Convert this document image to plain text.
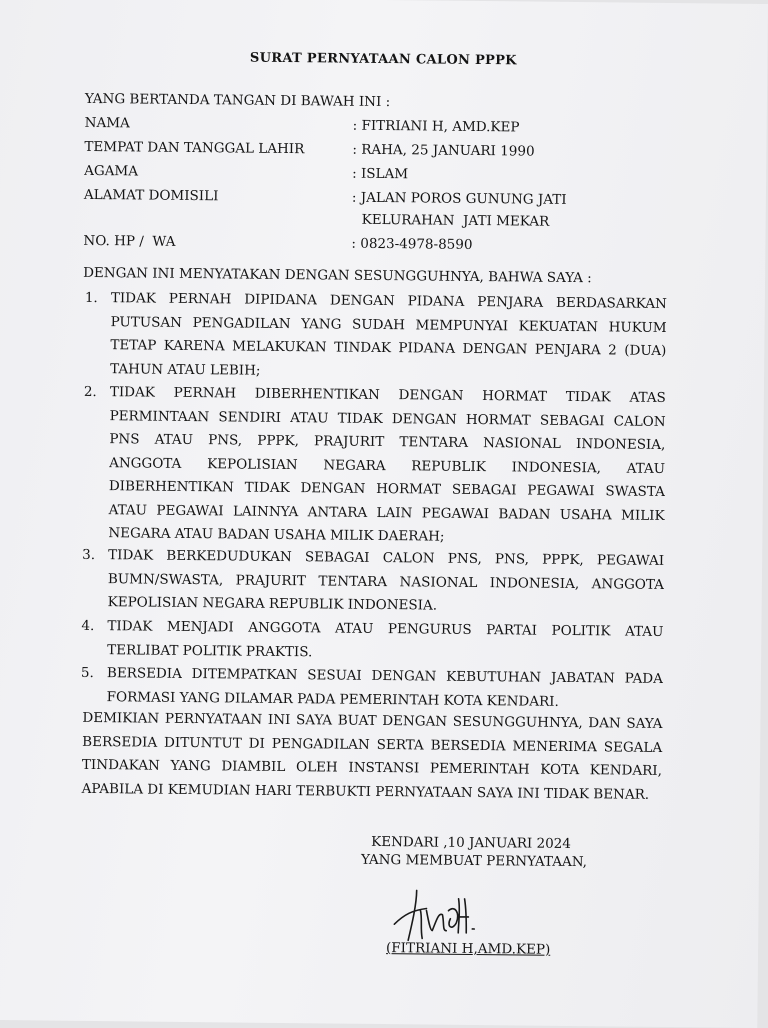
SURAT PERNYATAAN CALON PPPK
YANG BERTANDA TANGAN DI BAWAH INI :
NAMA	: FITRIANI H, AMD.KEP
TEMPAT DAN TANGGAL LAHIR	: RAHA, 25 JANUARI 1990
AGAMA	: ISLAM
ALAMAT DOMISILI	: JALAN POROS GUNUNG JATI
KELURAHAN  JATI MEKAR
NO. HP /  WA	: 0823-4978-8590
DENGAN INI MENYATAKAN DENGAN SESUNGGUHNYA, BAHWA SAYA :
1. TIDAK PERNAH DIPIDANA DENGAN PIDANA PENJARA BERDASARKAN PUTUSAN PENGADILAN YANG SUDAH MEMPUNYAI KEKUATAN HUKUM TETAP KARENA MELAKUKAN TINDAK PIDANA DENGAN PENJARA 2 (DUA) TAHUN ATAU LEBIH;
2. TIDAK PERNAH DIBERHENTIKAN DENGAN HORMAT TIDAK ATAS PERMINTAAN SENDIRI ATAU TIDAK DENGAN HORMAT SEBAGAI CALON PNS ATAU PNS, PPPK, PRAJURIT TENTARA NASIONAL INDONESIA, ANGGOTA KEPOLISIAN NEGARA REPUBLIK INDONESIA, ATAU DIBERHENTIKAN TIDAK DENGAN HORMAT SEBAGAI PEGAWAI SWASTA ATAU PEGAWAI LAINNYA ANTARA LAIN PEGAWAI BADAN USAHA MILIK NEGARA ATAU BADAN USAHA MILIK DAERAH;
3. TIDAK BERKEDUDUKAN SEBAGAI CALON PNS, PNS, PPPK, PEGAWAI BUMN/SWASTA, PRAJURIT TENTARA NASIONAL INDONESIA, ANGGOTA KEPOLISIAN NEGARA REPUBLIK INDONESIA.
4. TIDAK MENJADI ANGGOTA ATAU PENGURUS PARTAI POLITIK ATAU TERLIBAT POLITIK PRAKTIS.
5. BERSEDIA DITEMPATKAN SESUAI DENGAN KEBUTUHAN JABATAN PADA FORMASI YANG DILAMAR PADA PEMERINTAH KOTA KENDARI.
DEMIKIAN PERNYATAAN INI SAYA BUAT DENGAN SESUNGGUHNYA, DAN SAYA BERSEDIA DITUNTUT DI PENGADILAN SERTA BERSEDIA MENERIMA SEGALA TINDAKAN YANG DIAMBIL OLEH INSTANSI PEMERINTAH KOTA KENDARI, APABILA DI KEMUDIAN HARI TERBUKTI PERNYATAAN SAYA INI TIDAK BENAR.
KENDARI ,10 JANUARI 2024
YANG MEMBUAT PERNYATAAN,
(FITRIANI H,AMD.KEP)
